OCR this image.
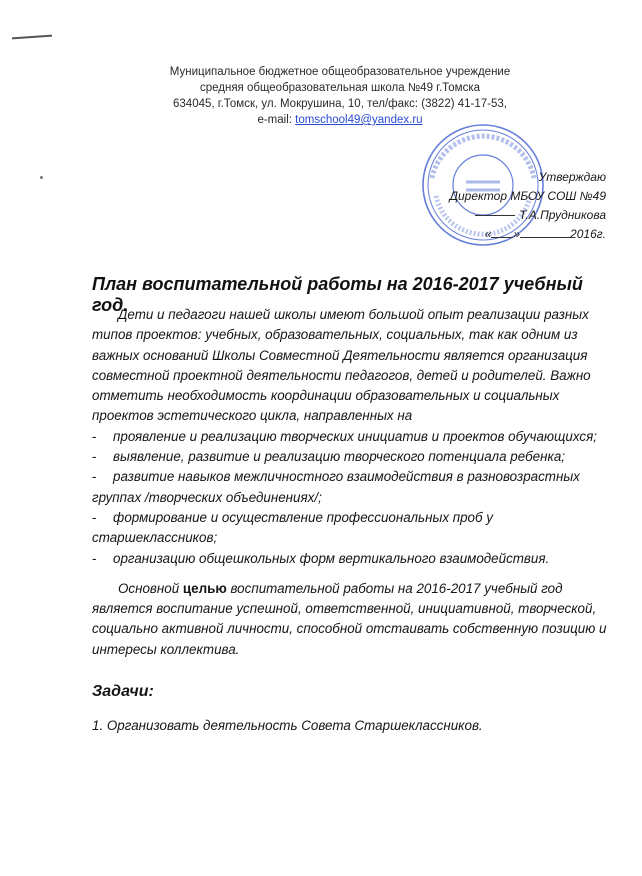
Муниципальное бюджетное общеобразовательное учреждение
средняя общеобразовательная школа №49 г.Томска
634045, г.Томск, ул. Мокрушина, 10, тел/факс: (3822) 41-17-53,
e-mail: tomschool49@yandex.ru
Утверждаю
Директор МБОУ СОШ №49
Т.А.Прудникова
« »	2016г.
План воспитательной работы на 2016-2017 учебный год.

Дети и педагоги нашей школы имеют большой опыт реализации разных типов проектов: учебных, образовательных, социальных, так как одним из важных оснований Школы Совместной Деятельности является организация совместной проектной деятельности педагогов, детей и родителей. Важно отметить необходимость координации образовательных и социальных проектов эстетического цикла, направленных на

- проявление и реализацию творческих инициатив и проектов обучающихся;

- выявление, развитие и реализацию творческого потенциала ребенка;

- развитие навыков межличностного взаимодействия в разновозрастных группах /творческих объединениях/;

- формирование и осуществление профессиональных проб у старшеклассников;

- организацию общешкольных форм вертикального взаимодействия.

Основной целью воспитательной работы на 2016-2017 учебный год является воспитание успешной, ответственной, инициативной, творческой, социально активной личности, способной отстаивать собственную позицию и интересы коллектива.

Задачи:

1. Организовать деятельность Совета Старшеклассников.
